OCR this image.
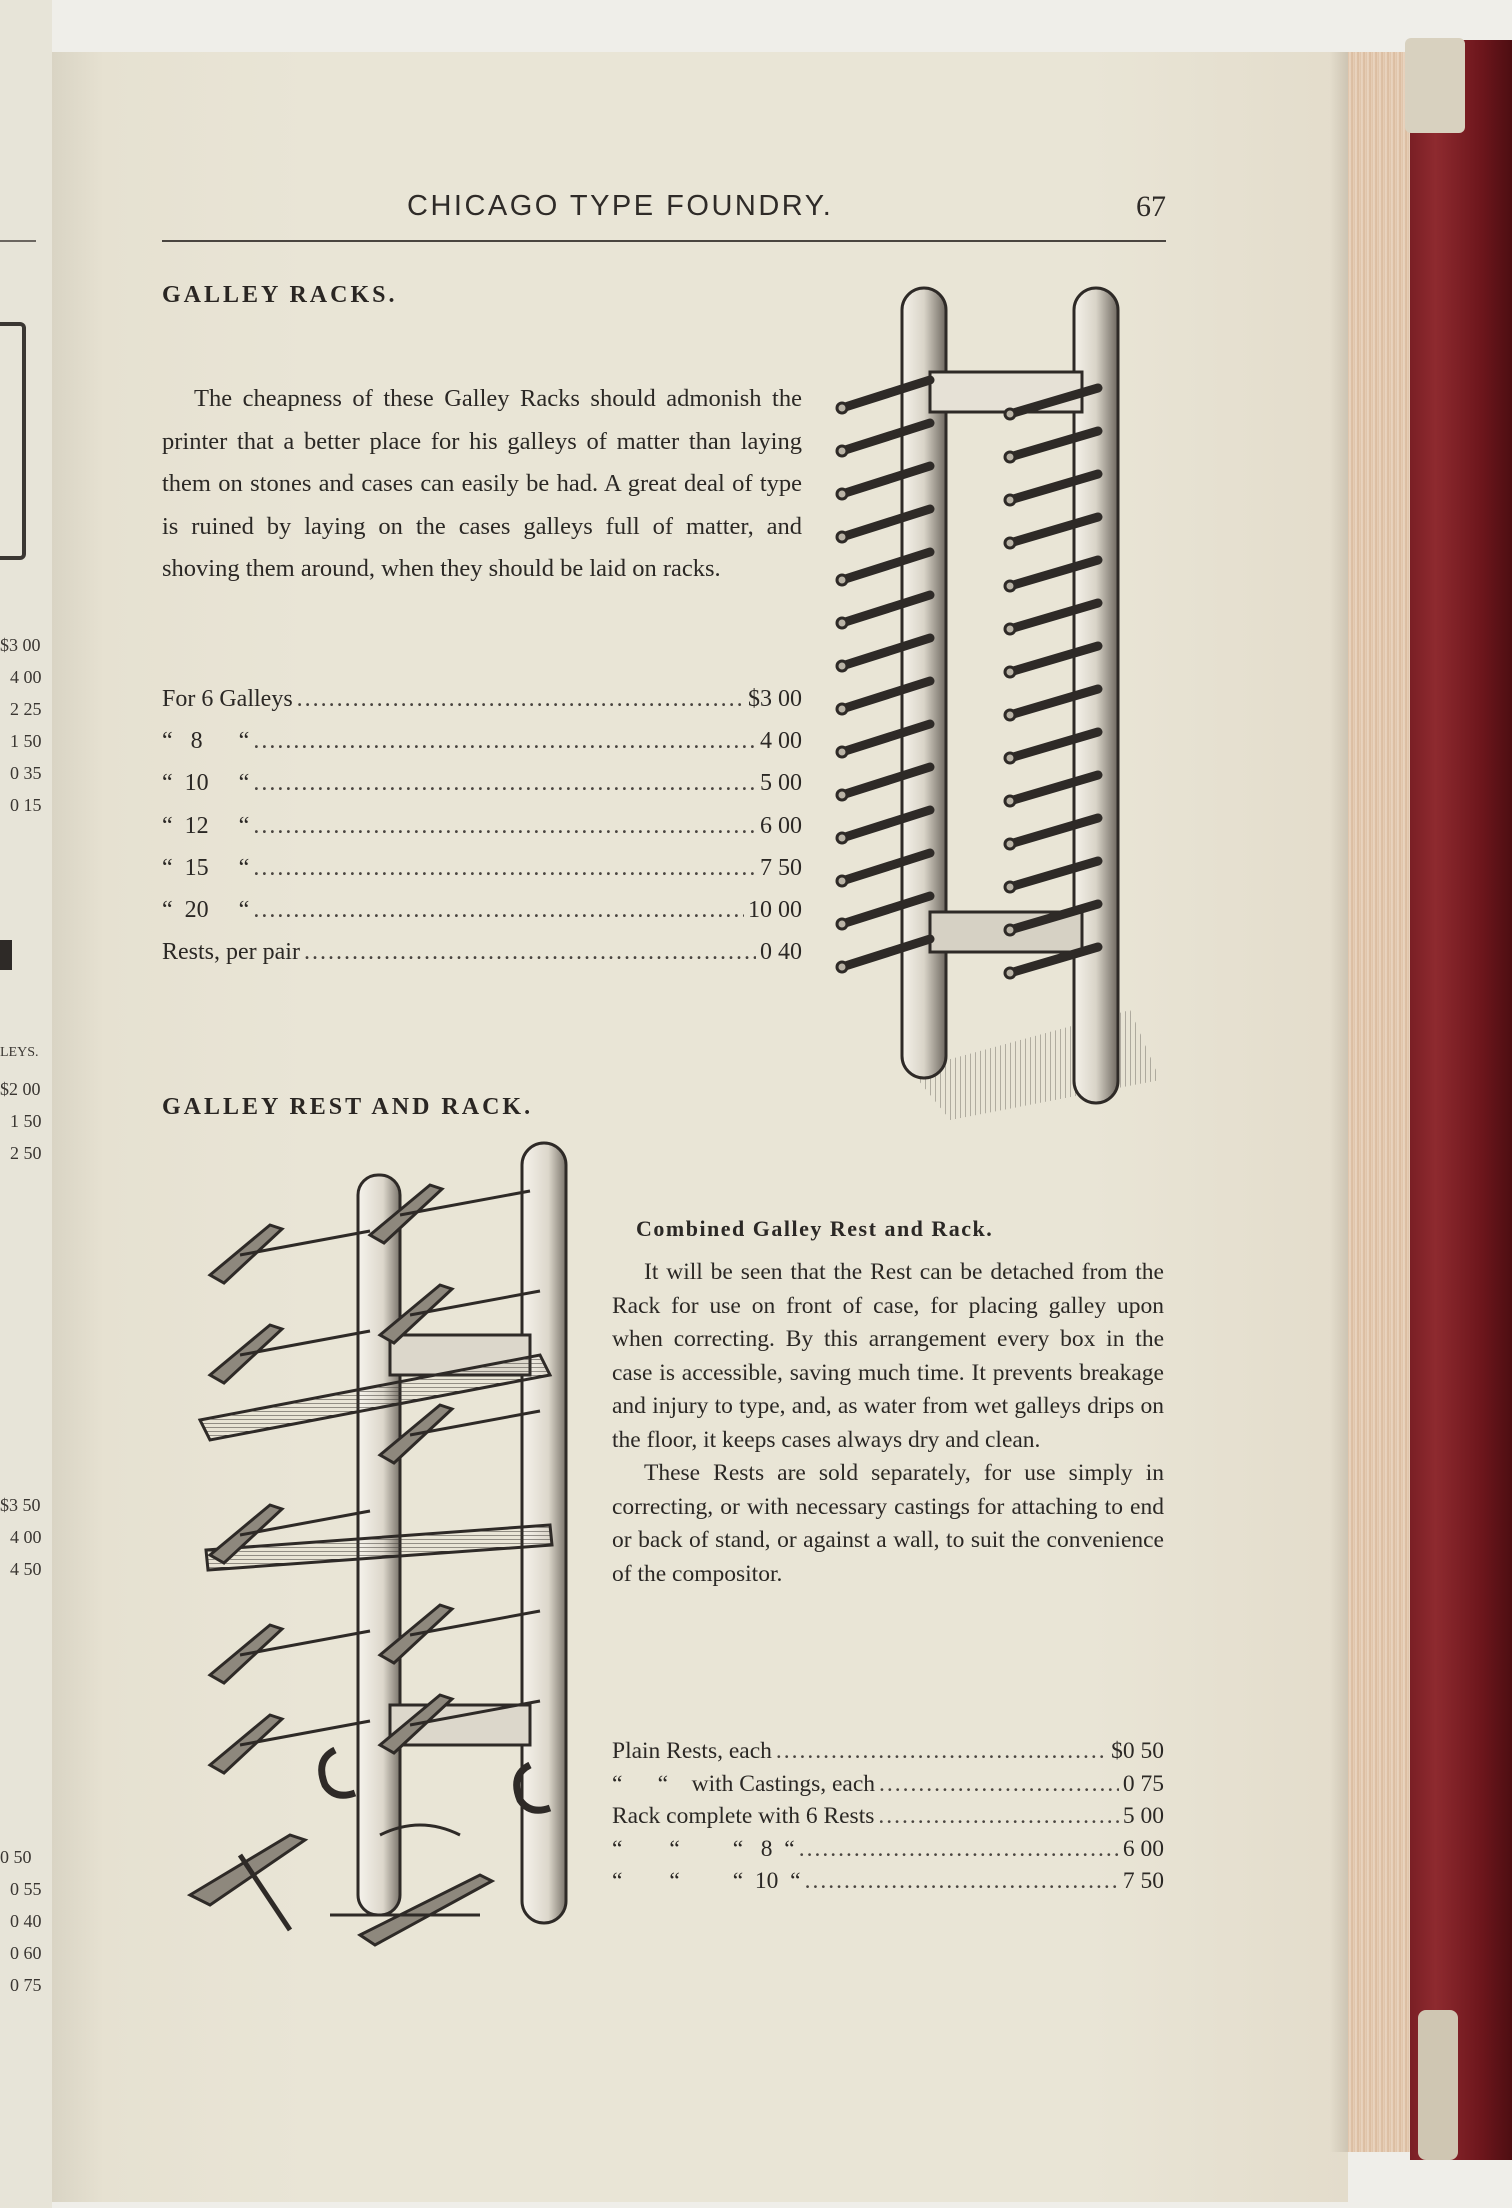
$3 00
4 00
2 25
1 50
0 35
0 15
LEYS.
$2 00
1 50
2 50
$3 50
4 00
4 50
0 50
0 55
0 40
0 60
0 75
CHICAGO TYPE FOUNDRY.	67
GALLEY RACKS.

The cheapness of these Galley Racks should admonish the printer that a better place for his galleys of matter than laying them on stones and cases can easily be had. A great deal of type is ruined by laying on the cases galleys full of matter, and shoving them around, when they should be laid on racks.

For 6 Galleys .....	$3 00
“   8      “ .....	4 00
“  10     “ .....	5 00
“  12     “ .....	6 00
“  15     “ .....	7 50
“  20     “ .....	10 00
Rests, per pair .....	0 40
GALLEY REST AND RACK.
Combined Galley Rest and Rack.

It will be seen that the Rest can be detached from the Rack for use on front of case, for placing galley upon when correcting. By this arrangement every box in the case is accessible, saving much time. It prevents breakage and injury to type, and, as water from wet galleys drips on the floor, it keeps cases always dry and clean.

These Rests are sold separately, for use simply in correcting, or with necessary castings for attaching to end or back of stand, or against a wall, to suit the convenience of the compositor.

Plain Rests, each .....	$0 50
“      “    with Castings, each .....	0 75
Rack complete with 6 Rests .....	5 00
“        “         “   8  “ .....	6 00
“        “         “  10  “ .....	7 50
